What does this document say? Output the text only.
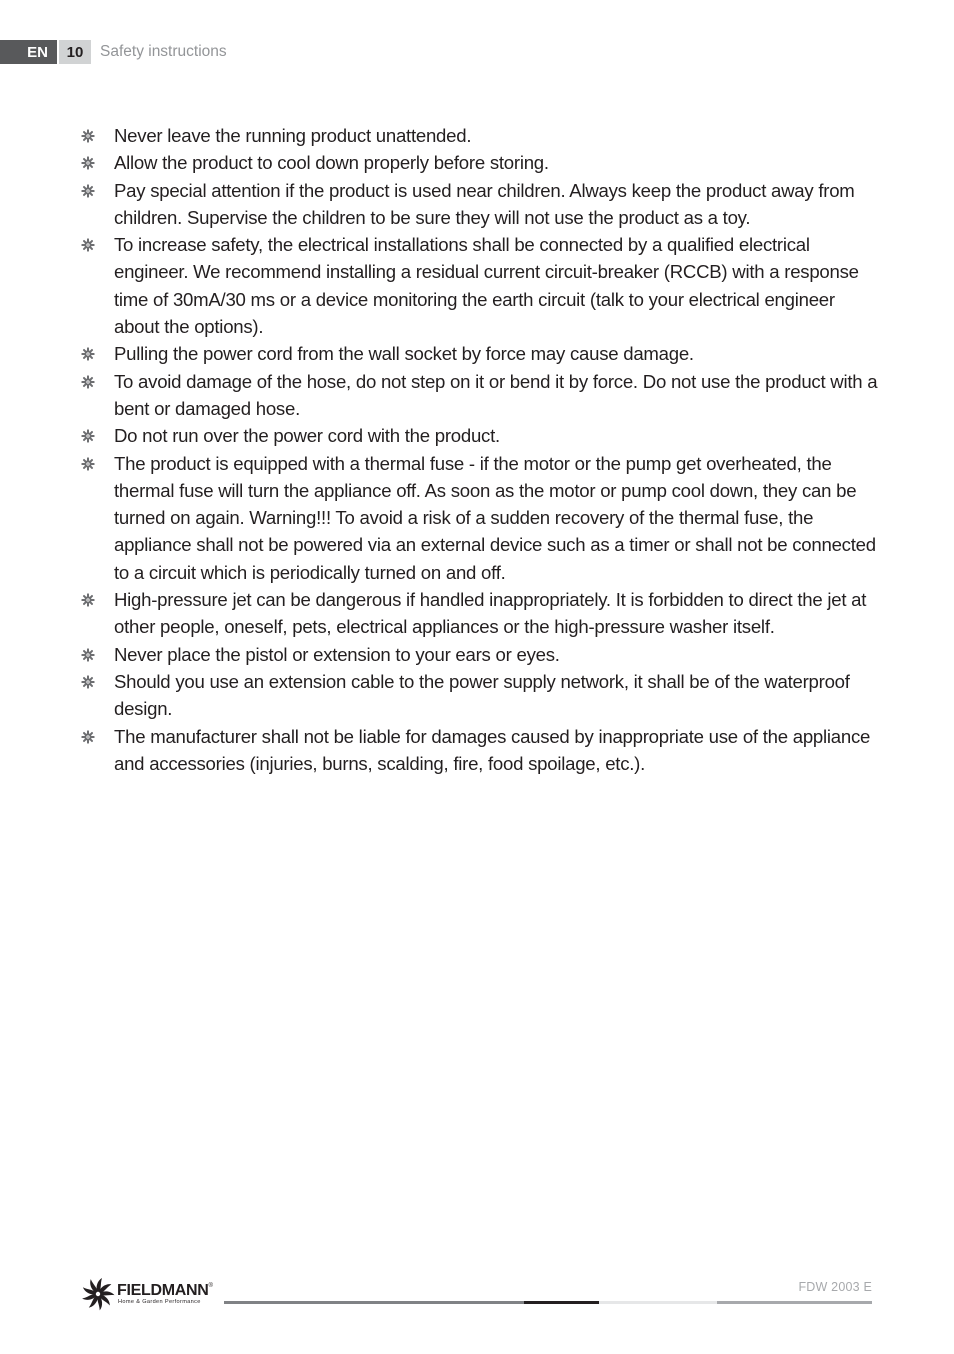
EN	10	Safety instructions
Never leave the running product unattended.
Allow the product to cool down properly before storing.
Pay special attention if the product is used near children. Always keep the product away from children. Supervise the children to be sure they will not use the product as a toy.
To increase safety, the electrical installations shall be connected by a qualified electrical engineer. We recommend installing a residual current circuit-breaker (RCCB) with a response time of 30mA/30 ms or a device monitoring the earth circuit (talk to your electrical engineer about the options).
Pulling the power cord from the wall socket by force may cause damage.
To avoid damage of the hose, do not step on it or bend it by force. Do not use the product with a bent or damaged hose.
Do not run over the power cord with the product.
The product is equipped with a thermal fuse - if the motor or the pump get overheated, the thermal fuse will turn the appliance off. As soon as the motor or pump cool down, they can be turned on again. Warning!!! To avoid a risk of a sudden recovery of the thermal fuse, the appliance shall not be powered via an external device such as a timer or shall not be connected to a circuit which is periodically turned on and off.
High-pressure jet can be dangerous if handled inappropriately. It is forbidden to direct the jet at other people, oneself, pets, electrical appliances or the high-pressure washer itself.
Never place the pistol or extension to your ears or eyes.
Should you use an extension cable to the power supply network, it shall be of the waterproof design.
The manufacturer shall not be liable for damages caused by inappropriate use of the appliance and accessories (injuries, burns, scalding, fire, food spoilage, etc.).
FIELDMANN®
Home & Garden Performance
FDW 2003 E
